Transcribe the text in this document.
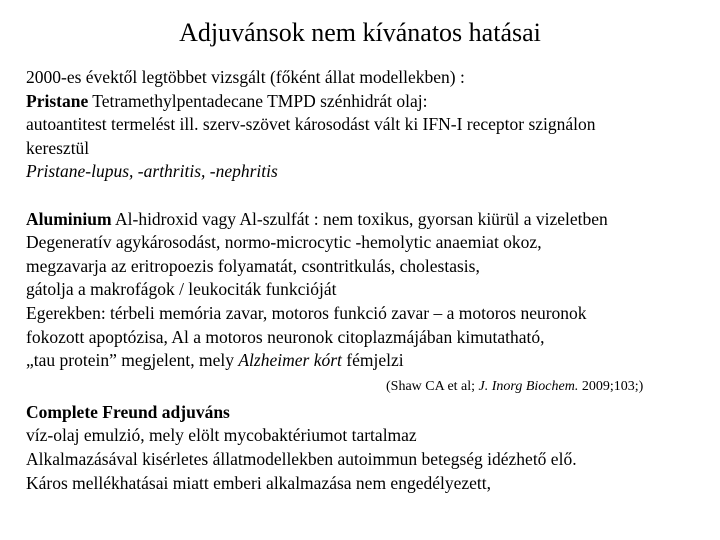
Adjuvánsok nem kívánatos hatásai
2000-es évektől legtöbbet vizsgált (főként állat modellekben) :
Pristane Tetramethylpentadecane TMPD szénhidrát olaj:
autoantitest termelést ill. szerv-szövet károsodást vált ki IFN-I receptor szignálon
keresztül
Pristane-lupus, -arthritis, -nephritis
Aluminium Al-hidroxid vagy Al-szulfát : nem toxikus, gyorsan kiürül a vizeletben
Degeneratív agykárosodást, normo-microcytic -hemolytic anaemiat okoz,
megzavarja az eritropoezis folyamatát, csontritkulás, cholestasis,
gátolja a makrofágok / leukociták funkcióját
Egerekben: térbeli memória zavar, motoros funkció zavar – a motoros neuronok
fokozott apoptózisa, Al a motoros neuronok citoplazmájában kimutatható,
„tau protein” megjelent, mely Alzheimer kórt fémjelzi
(Shaw CA et al; J. Inorg Biochem. 2009;103;)
Complete Freund adjuváns
víz-olaj emulzió, mely elölt mycobaktériumot tartalmaz
Alkalmazásával kisérletes állatmodellekben autoimmun betegség idézhető elő.
Káros mellékhatásai miatt emberi alkalmazása nem engedélyezett,
